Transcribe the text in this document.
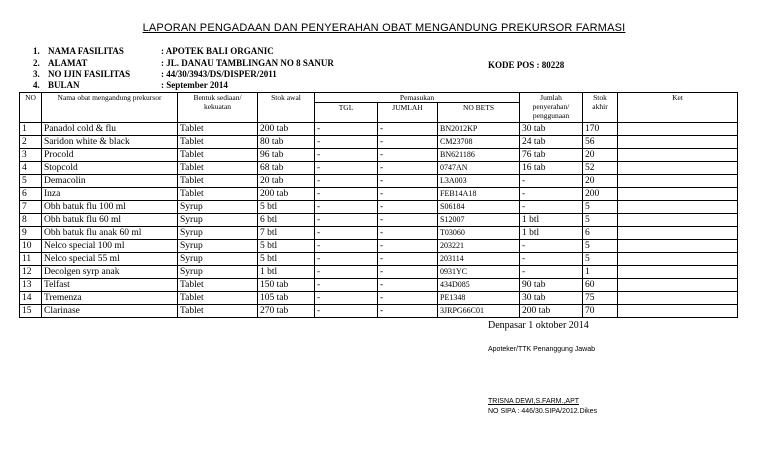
LAPORAN PENGADAAN DAN PENYERAHAN OBAT MENGANDUNG PREKURSOR FARMASI
1. NAMA FASILITAS	: APOTEK BALI ORGANIC
2. ALAMAT	: JL. DANAU TAMBLINGAN NO 8 SANUR
3. NO IJIN FASILITAS	: 44/30/3943/DS/DISPER/2011
4. BULAN	: September 2014
KODE POS : 80228
NO	Nama obat mengandung prekursor	Bentuk sediaan/ kekuatan	Stok awal	Pemasukan			Jumlah penyerahan/ penggunaan	Stok akhir	Ket
				TGL	JUMLAH	NO BETS			
1	Panadol cold & flu	Tablet	200 tab	-	-	BN2012KP	30 tab	170	
2	Saridon white & black	Tablet	80 tab	-	-	CM23708	24 tab	56	
3	Procold	Tablet	96 tab	-	-	BN621186	76 tab	20	
4	Stopcold	Tablet	68 tab	-	-	0747AN	16 tab	52	
5	Demacolin	Tablet	20 tab	-	-	L3A003	-	20	
6	Inza	Tablet	200 tab	-	-	FEB14A18	-	200	
7	Obh batuk flu 100 ml	Syrup	5 btl	-	-	S06184	-	5	
8	Obh batuk flu 60 ml	Syrup	6 btl	-	-	S12007	1 btl	5	
9	Obh batuk flu anak 60 ml	Syrup	7 btl	-	-	T03060	1 btl	6	
10	Nelco special 100 ml	Syrup	5 btl	-	-	203221	-	5	
11	Nelco special 55 ml	Syrup	5 btl	-	-	203114	-	5	
12	Decolgen syrp anak	Syrup	1 btl	-	-	0931YC	-	1	
13	Telfast	Tablet	150 tab	-	-	434D085	90 tab	60	
14	Tremenza	Tablet	105 tab	-	-	PE1348	30 tab	75	
15	Clarinase	Tablet	270 tab	-	-	3JRPG66C01	200 tab	70	
Denpasar 1 oktober 2014
Apoteker/TTK Penanggung Jawab
TRISNA DEWI,S.FARM.,APT
NO SIPA : 446/30.SIPA/2012.Dikes
